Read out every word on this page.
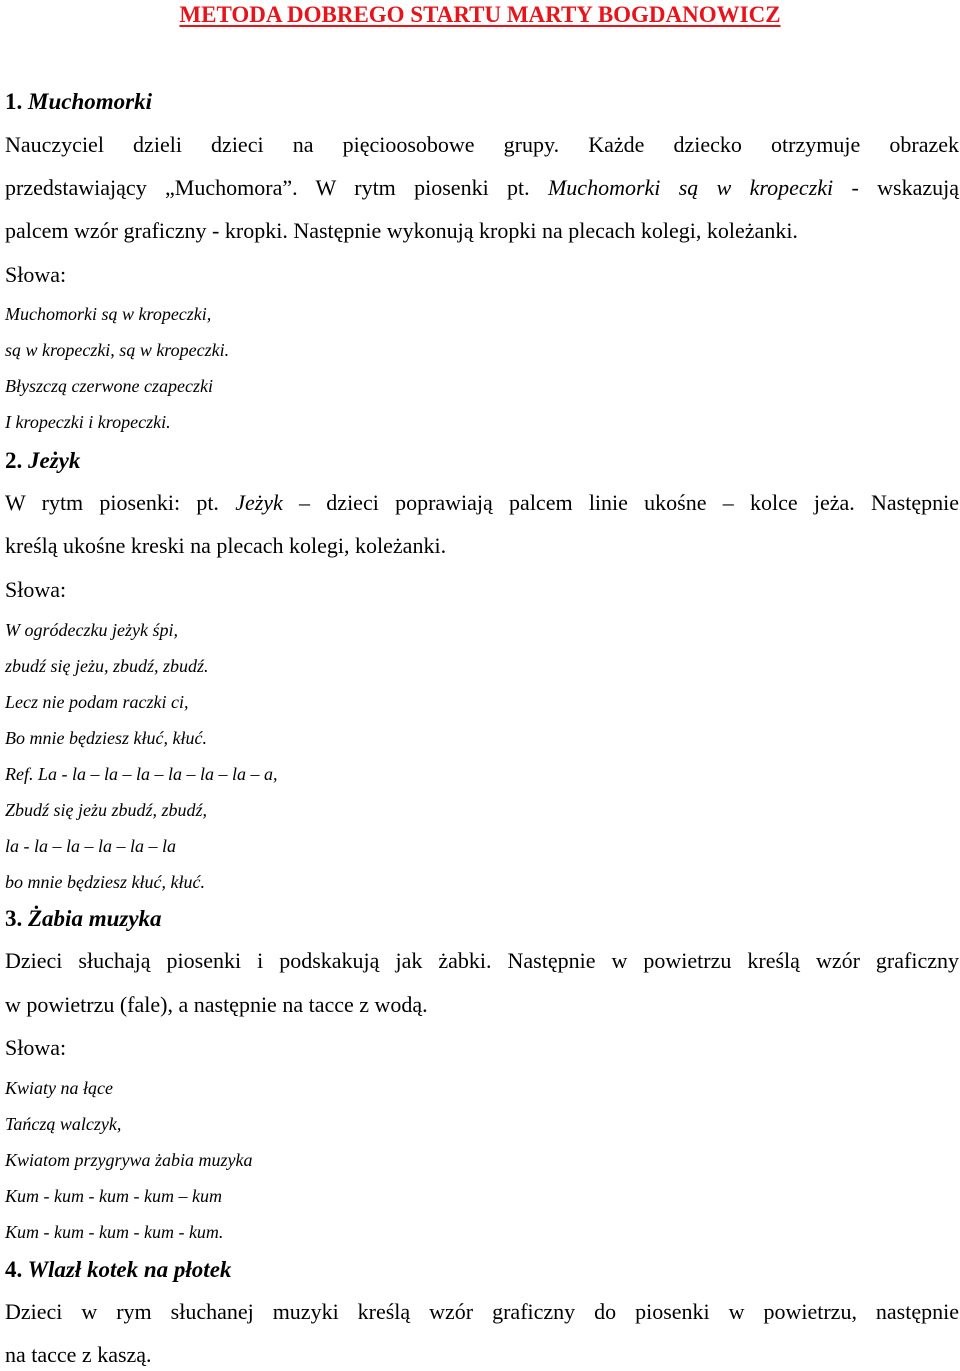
METODA DOBREGO STARTU MARTY BOGDANOWICZ
1. Muchomorki
Nauczyciel dzieli dzieci na pięcioosobowe grupy. Każde dziecko otrzymuje obrazek
przedstawiający „Muchomora”. W rytm piosenki pt. Muchomorki są w kropeczki - wskazują
palcem wzór graficzny - kropki. Następnie wykonują kropki na plecach kolegi, koleżanki.
Słowa:
Muchomorki są w kropeczki,
są w kropeczki, są w kropeczki.
Błyszczą czerwone czapeczki
I kropeczki i kropeczki.
2. Jeżyk
W rytm piosenki: pt. Jeżyk – dzieci poprawiają palcem linie ukośne – kolce jeża. Następnie
kreślą ukośne kreski na plecach kolegi, koleżanki.
Słowa:
W ogródeczku jeżyk śpi,
zbudź się jeżu, zbudź, zbudź.
Lecz nie podam raczki ci,
Bo mnie będziesz kłuć, kłuć.
Ref. La - la – la – la – la – la – la – a,
Zbudź się jeżu zbudź, zbudź,
la - la – la – la – la – la
bo mnie będziesz kłuć, kłuć.
3. Żabia muzyka
Dzieci słuchają piosenki i podskakują jak żabki. Następnie w powietrzu kreślą wzór graficzny
w powietrzu (fale), a następnie na tacce z wodą.
Słowa:
Kwiaty na łące
Tańczą walczyk,
Kwiatom przygrywa żabia muzyka
Kum - kum - kum - kum – kum
Kum - kum - kum - kum - kum.
4. Wlazł kotek na płotek
Dzieci w rym słuchanej muzyki kreślą wzór graficzny do piosenki w powietrzu, następnie
na tacce z kaszą.
